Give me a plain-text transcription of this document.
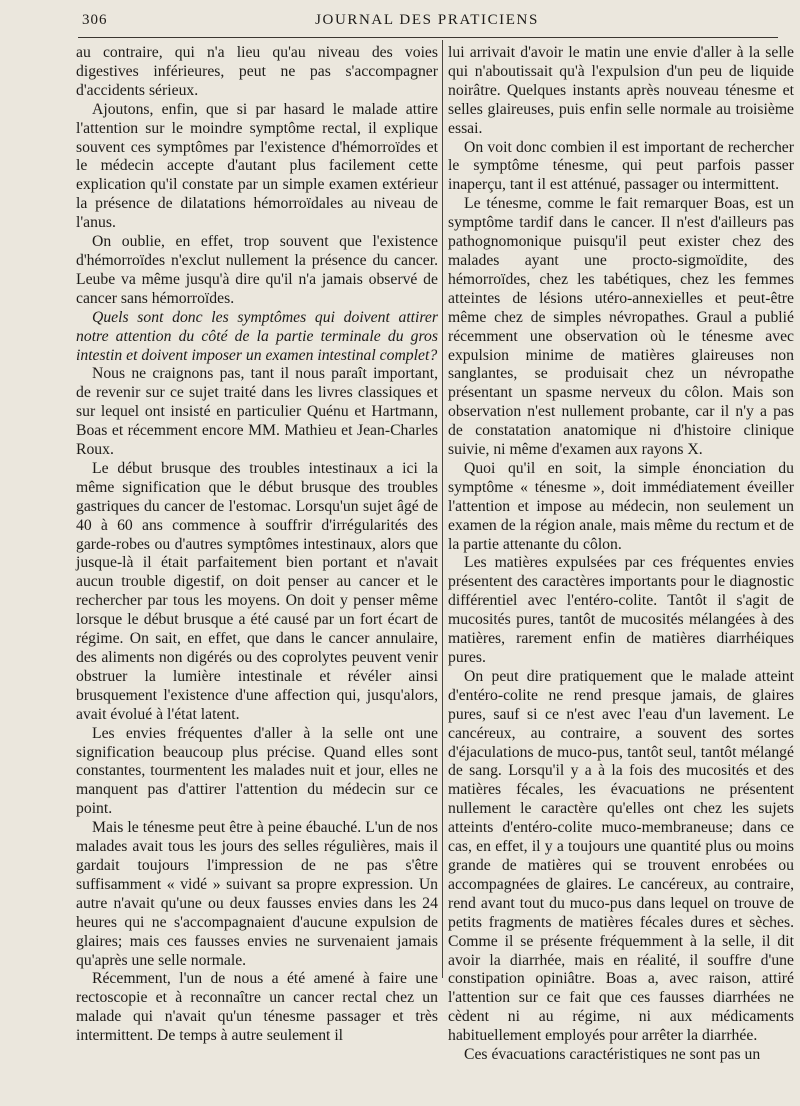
306	JOURNAL DES PRATICIENS

au contraire, qui n'a lieu qu'au niveau des voies digestives inférieures, peut ne pas s'accompagner d'accidents sérieux.

Ajoutons, enfin, que si par hasard le malade attire l'attention sur le moindre symptôme rectal, il explique souvent ces symptômes par l'existence d'hémorroïdes et le médecin accepte d'autant plus facilement cette explication qu'il constate par un simple examen extérieur la présence de dilatations hémorroïdales au niveau de l'anus.

On oublie, en effet, trop souvent que l'existence d'hémorroïdes n'exclut nullement la présence du cancer. Leube va même jusqu'à dire qu'il n'a jamais observé de cancer sans hémorroïdes.

Quels sont donc les symptômes qui doivent attirer notre attention du côté de la partie terminale du gros intestin et doivent imposer un examen intestinal complet?

Nous ne craignons pas, tant il nous paraît important, de revenir sur ce sujet traité dans les livres classiques et sur lequel ont insisté en particulier Quénu et Hartmann, Boas et récemment encore MM. Mathieu et Jean-Charles Roux.

Le début brusque des troubles intestinaux a ici la même signification que le début brusque des troubles gastriques du cancer de l'estomac. Lorsqu'un sujet âgé de 40 à 60 ans commence à souffrir d'irrégularités des garde-robes ou d'autres symptômes intestinaux, alors que jusque-là il était parfaitement bien portant et n'avait aucun trouble digestif, on doit penser au cancer et le rechercher par tous les moyens. On doit y penser même lorsque le début brusque a été causé par un fort écart de régime. On sait, en effet, que dans le cancer annulaire, des aliments non digérés ou des coprolytes peuvent venir obstruer la lumière intestinale et révéler ainsi brusquement l'existence d'une affection qui, jusqu'alors, avait évolué à l'état latent.

Les envies fréquentes d'aller à la selle ont une signification beaucoup plus précise. Quand elles sont constantes, tourmentent les malades nuit et jour, elles ne manquent pas d'attirer l'attention du médecin sur ce point.

Mais le ténesme peut être à peine ébauché. L'un de nos malades avait tous les jours des selles régulières, mais il gardait toujours l'impression de ne pas s'être suffisamment « vidé » suivant sa propre expression. Un autre n'avait qu'une ou deux fausses envies dans les 24 heures qui ne s'accompagnaient d'aucune expulsion de glaires; mais ces fausses envies ne survenaient jamais qu'après une selle normale.

Récemment, l'un de nous a été amené à faire une rectoscopie et à reconnaître un cancer rectal chez un malade qui n'avait qu'un ténesme passager et très intermittent. De temps à autre seulement il

lui arrivait d'avoir le matin une envie d'aller à la selle qui n'aboutissait qu'à l'expulsion d'un peu de liquide noirâtre. Quelques instants après nouveau ténesme et selles glaireuses, puis enfin selle normale au troisième essai.

On voit donc combien il est important de rechercher le symptôme ténesme, qui peut parfois passer inaperçu, tant il est atténué, passager ou intermittent.

Le ténesme, comme le fait remarquer Boas, est un symptôme tardif dans le cancer. Il n'est d'ailleurs pas pathognomonique puisqu'il peut exister chez des malades ayant une procto-sigmoïdite, des hémorroïdes, chez les tabétiques, chez les femmes atteintes de lésions utéro-annexielles et peut-être même chez de simples névropathes. Graul a publié récemment une observation où le ténesme avec expulsion minime de matières glaireuses non sanglantes, se produisait chez un névropathe présentant un spasme nerveux du côlon. Mais son observation n'est nullement probante, car il n'y a pas de constatation anatomique ni d'histoire clinique suivie, ni même d'examen aux rayons X.

Quoi qu'il en soit, la simple énonciation du symptôme « ténesme », doit immédiatement éveiller l'attention et impose au médecin, non seulement un examen de la région anale, mais même du rectum et de la partie attenante du côlon.

Les matières expulsées par ces fréquentes envies présentent des caractères importants pour le diagnostic différentiel avec l'entéro-colite. Tantôt il s'agit de mucosités pures, tantôt de mucosités mélangées à des matières, rarement enfin de matières diarrhéiques pures.

On peut dire pratiquement que le malade atteint d'entéro-colite ne rend presque jamais, de glaires pures, sauf si ce n'est avec l'eau d'un lavement. Le cancéreux, au contraire, a souvent des sortes d'éjaculations de muco-pus, tantôt seul, tantôt mélangé de sang. Lorsqu'il y a à la fois des mucosités et des matières fécales, les évacuations ne présentent nullement le caractère qu'elles ont chez les sujets atteints d'entéro-colite muco-membraneuse; dans ce cas, en effet, il y a toujours une quantité plus ou moins grande de matières qui se trouvent enrobées ou accompagnées de glaires. Le cancéreux, au contraire, rend avant tout du muco-pus dans lequel on trouve de petits fragments de matières fécales dures et sèches. Comme il se présente fréquemment à la selle, il dit avoir la diarrhée, mais en réalité, il souffre d'une constipation opiniâtre. Boas a, avec raison, attiré l'attention sur ce fait que ces fausses diarrhées ne cèdent ni au régime, ni aux médicaments habituellement employés pour arrêter la diarrhée.

Ces évacuations caractéristiques ne sont pas un
